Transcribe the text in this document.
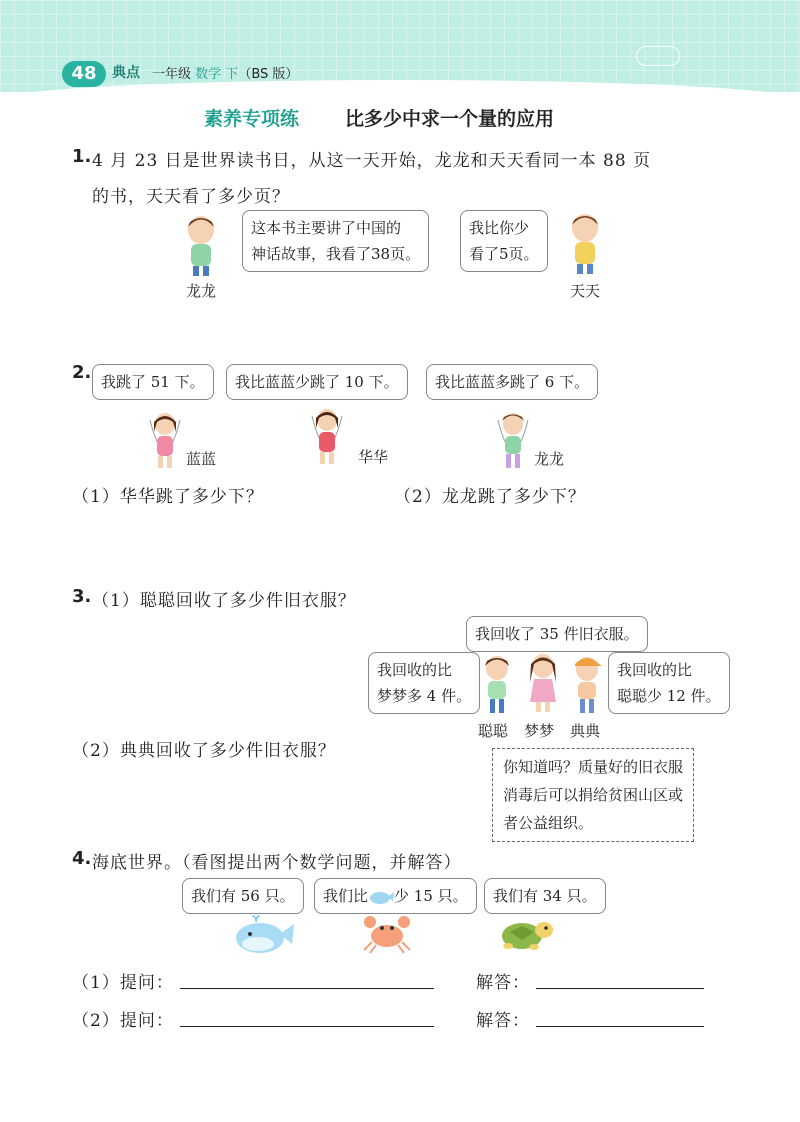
48	典点 一年级 数学 下（BS 版）
素养专项练 比多少中求一个量的应用
1. 4 月 23 日是世界读书日，从这一天开始，龙龙和天天看同一本 88 页
的书，天天看了多少页？
龙龙
这本书主要讲了中国的
神话故事，我看了38页。
我比你少
看了5页。
天天
2. 我跳了 51 下。	我比蓝蓝少跳了 10 下。	我比蓝蓝多跳了 6 下。
蓝蓝	华华	龙龙
（1）华华跳了多少下？	（2）龙龙跳了多少下？
3. （1）聪聪回收了多少件旧衣服？
我回收了 35 件旧衣服。
我回收的比
梦梦多 4 件。
我回收的比
聪聪少 12 件。
聪聪 梦梦 典典
（2）典典回收了多少件旧衣服？
你知道吗？质量好的旧衣服
消毒后可以捐给贫困山区或
者公益组织。
4. 海底世界。（看图提出两个数学问题，并解答）
我们有 56 只。	我们比 少 15 只。	我们有 34 只。
（1）提问：	解答：
（2）提问：	解答：
